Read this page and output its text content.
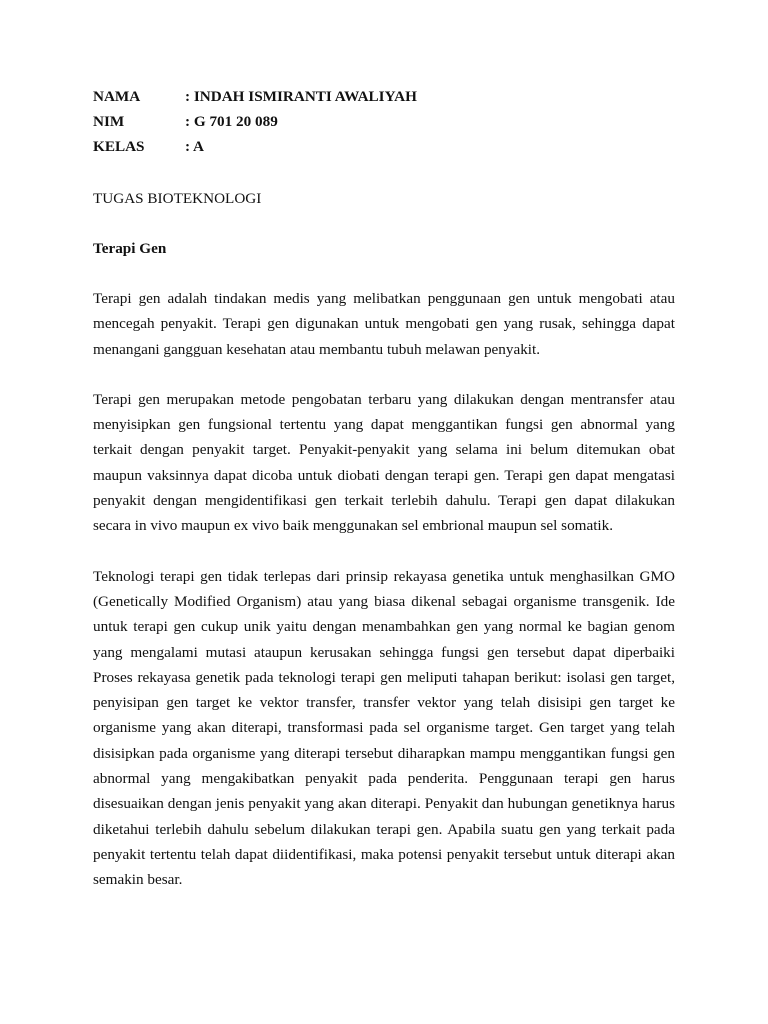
NAMA	: INDAH ISMIRANTI AWALIYAH
NIM	: G 701 20 089
KELAS	: A
TUGAS BIOTEKNOLOGI
Terapi Gen

Terapi gen adalah tindakan medis yang melibatkan penggunaan gen untuk mengobati atau mencegah penyakit. Terapi gen digunakan untuk mengobati gen yang rusak, sehingga dapat menangani gangguan kesehatan atau membantu tubuh melawan penyakit.

Terapi gen merupakan metode pengobatan terbaru yang dilakukan dengan mentransfer atau menyisipkan gen fungsional tertentu yang dapat menggantikan fungsi gen abnormal yang terkait dengan penyakit target. Penyakit-penyakit yang selama ini belum ditemukan obat maupun vaksinnya dapat dicoba untuk diobati dengan terapi gen. Terapi gen dapat mengatasi penyakit dengan mengidentifikasi gen terkait terlebih dahulu. Terapi gen dapat dilakukan secara in vivo maupun ex vivo baik menggunakan sel embrional maupun sel somatik.

Teknologi terapi gen tidak terlepas dari prinsip rekayasa genetika untuk menghasilkan GMO (Genetically Modified Organism) atau yang biasa dikenal sebagai organisme transgenik. Ide untuk terapi gen cukup unik yaitu dengan menambahkan gen yang normal ke bagian genom yang mengalami mutasi ataupun kerusakan sehingga fungsi gen tersebut dapat diperbaiki Proses rekayasa genetik pada teknologi terapi gen meliputi tahapan berikut: isolasi gen target, penyisipan gen target ke vektor transfer, transfer vektor yang telah disisipi gen target ke organisme yang akan diterapi, transformasi pada sel organisme target. Gen target yang telah disisipkan pada organisme yang diterapi tersebut diharapkan mampu menggantikan fungsi gen abnormal yang mengakibatkan penyakit pada penderita. Penggunaan terapi gen harus disesuaikan dengan jenis penyakit yang akan diterapi. Penyakit dan hubungan genetiknya harus diketahui terlebih dahulu sebelum dilakukan terapi gen. Apabila suatu gen yang terkait pada penyakit tertentu telah dapat diidentifikasi, maka potensi penyakit tersebut untuk diterapi akan semakin besar.
